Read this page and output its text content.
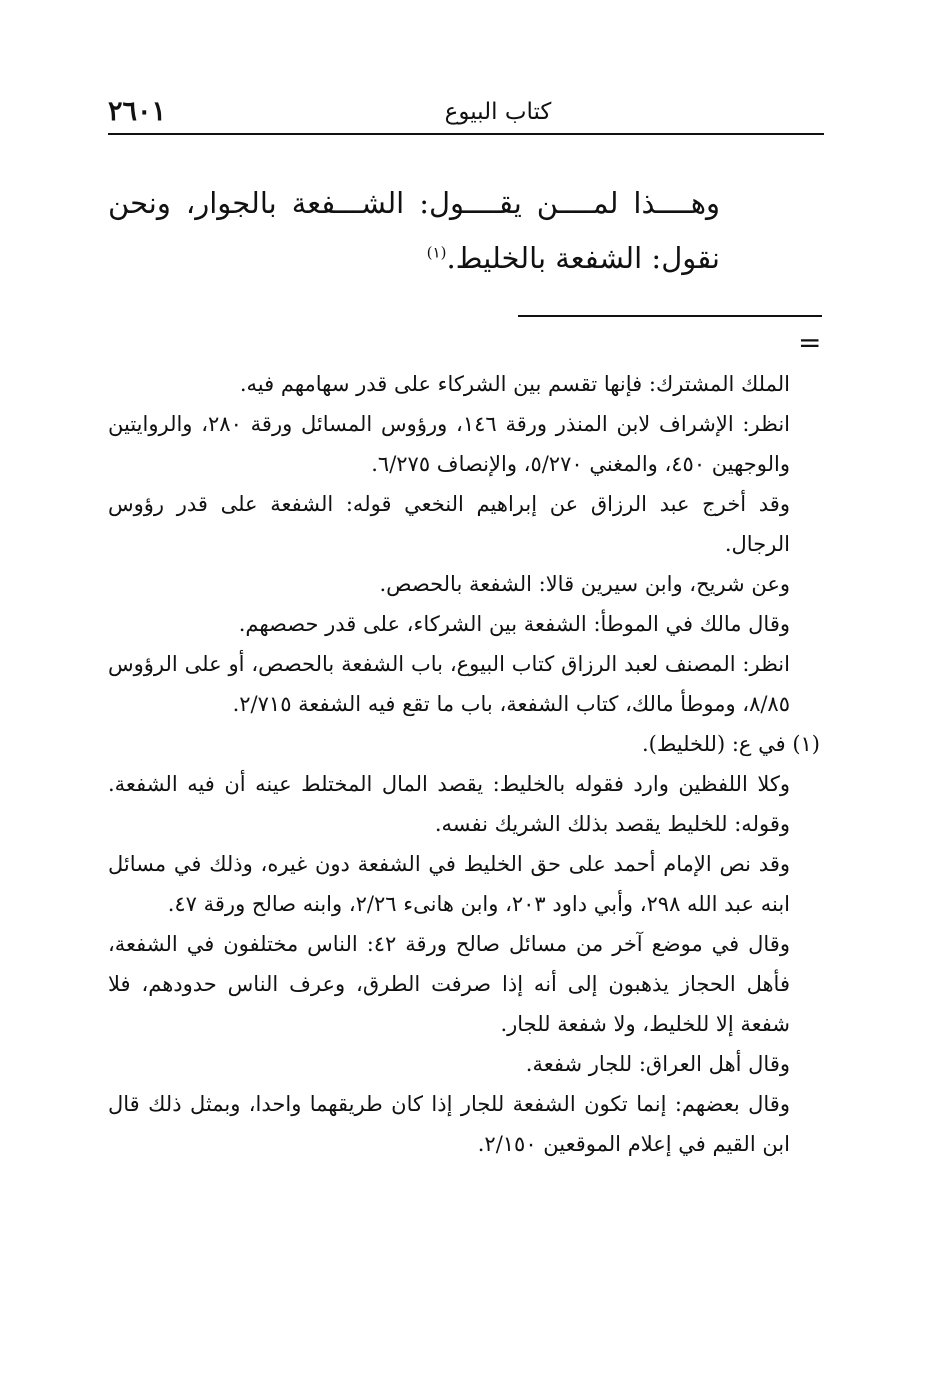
٢٦٠١	كتاب البيوع
وهــــذا لمــــن يقــــول: الشـــفعة بالجوار، ونحن نقول: الشفعة بالخليط.$^{(١)}$
=

الملك المشترك: فإنها تقسم بين الشركاء على قدر سهامهم فيه.

انظر: الإشراف لابن المنذر ورقة ١٤٦، ورؤوس المسائل ورقة ٢٨٠، والروايتين والوجهين ٤٥٠، والمغني ٥/٢٧٠، والإنصاف ٦/٢٧٥.

وقد أخرج عبد الرزاق عن إبراهيم النخعي قوله: الشفعة على قدر رؤوس الرجال.

وعن شريح، وابن سيرين قالا: الشفعة بالحصص.

وقال مالك في الموطأ: الشفعة بين الشركاء، على قدر حصصهم.

انظر: المصنف لعبد الرزاق كتاب البيوع، باب الشفعة بالحصص، أو على الرؤوس ٨/٨٥، وموطأ مالك، كتاب الشفعة، باب ما تقع فيه الشفعة ٢/٧١٥.

(١) في ع: (للخليط).

وكلا اللفظين وارد فقوله بالخليط: يقصد المال المختلط عينه أن فيه الشفعة. وقوله: للخليط يقصد بذلك الشريك نفسه.

وقد نص الإمام أحمد على حق الخليط في الشفعة دون غيره، وذلك في مسائل ابنه عبد الله ٢٩٨، وأبي داود ٢٠٣، وابن هانىء ٢/٢٦، وابنه صالح ورقة ٤٧.

وقال في موضع آخر من مسائل صالح ورقة ٤٢: الناس مختلفون في الشفعة، فأهل الحجاز يذهبون إلى أنه إذا صرفت الطرق، وعرف الناس حدودهم، فلا شفعة إلا للخليط، ولا شفعة للجار.

وقال أهل العراق: للجار شفعة.

وقال بعضهم: إنما تكون الشفعة للجار إذا كان طريقهما واحدا، وبمثل ذلك قال ابن القيم في إعلام الموقعين ٢/١٥٠.
